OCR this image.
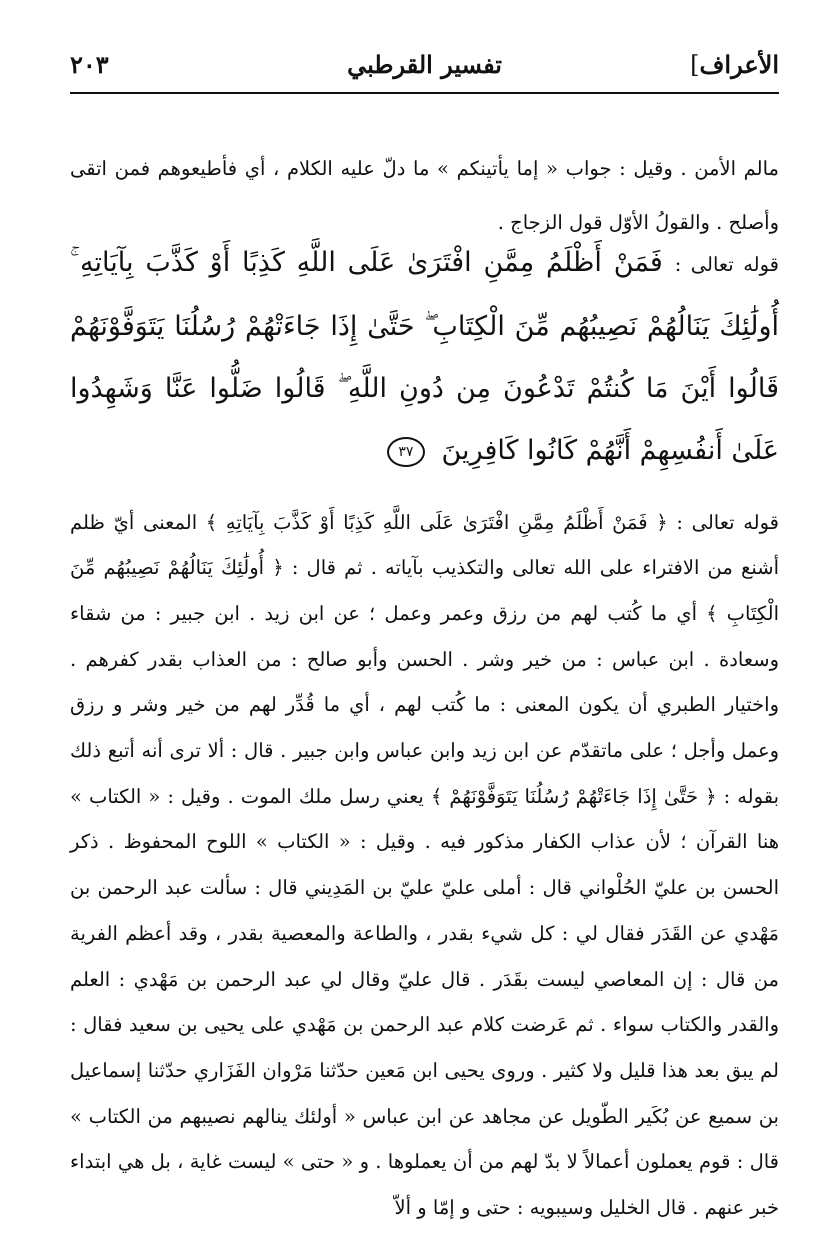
الأعراف]
تفسير القرطبي
٢٠٣

مالم الأمن . وقيل : جواب « إما يأتينكم » ما دلّ عليه الكلام ، أي فأطيعوهم فمن اتقى وأصلح . والقولُ الأوّل قول الزجاج .

قوله تعالى : فَمَنْ أَظْلَمُ مِمَّنِ افْتَرَىٰ عَلَى اللَّهِ كَذِبًا أَوْ كَذَّبَ بِآيَاتِهِ ۚ أُولَٰئِكَ يَنَالُهُمْ نَصِيبُهُم مِّنَ الْكِتَابِ ۖ حَتَّىٰ إِذَا جَاءَتْهُمْ رُسُلُنَا يَتَوَفَّوْنَهُمْ قَالُوا أَيْنَ مَا كُنتُمْ تَدْعُونَ مِن دُونِ اللَّهِ ۖ قَالُوا ضَلُّوا عَنَّا وَشَهِدُوا عَلَىٰ أَنفُسِهِمْ أَنَّهُمْ كَانُوا كَافِرِينَ ٣٧

قوله تعالى : ﴿ فَمَنْ أَظْلَمُ مِمَّنِ افْتَرَىٰ عَلَى اللَّهِ كَذِبًا أَوْ كَذَّبَ بِآيَاتِهِ ﴾ المعنى أيّ ظلم أشنع من الافتراء على الله تعالى والتكذيب بآياته . ثم قال : ﴿ أُولَٰئِكَ يَنَالُهُمْ نَصِيبُهُم مِّنَ الْكِتَابِ ﴾ أي ما كُتب لهم من رزق وعمر وعمل ؛ عن ابن زيد . ابن جبير : من شقاء وسعادة . ابن عباس : من خير وشر . الحسن وأبو صالح : من العذاب بقدر كفرهم . واختيار الطبري أن يكون المعنى : ما كُتب لهم ، أي ما قُدِّر لهم من خير وشر و رزق وعمل وأجل ؛ على ماتقدّم عن ابن زيد وابن عباس وابن جبير . قال : ألا ترى أنه أتبع ذلك بقوله : ﴿ حَتَّىٰ إِذَا جَاءَتْهُمْ رُسُلُنَا يَتَوَفَّوْنَهُمْ ﴾ يعني رسل ملك الموت . وقيل : « الكتاب » هنا القرآن ؛ لأن عذاب الكفار مذكور فيه . وقيل : « الكتاب » اللوح المحفوظ . ذكر الحسن بن عليّ الحُلْواني قال : أملى عليّ عليّ بن المَدِيني قال : سألت عبد الرحمن بن مَهْدي عن القَدَر فقال لي : كل شيء بقدر ، والطاعة والمعصية بقدر ، وقد أعظم الفرية من قال : إن المعاصي ليست بقَدَر . قال عليّ وقال لي عبد الرحمن بن مَهْدي : العلم والقدر والكتاب سواء . ثم عَرضت كلام عبد الرحمن بن مَهْدي على يحيى بن سعيد فقال : لم يبق بعد هذا قليل ولا كثير . وروى يحيى ابن مَعين حدّثنا مَرْوان الفَزَاري حدّثنا إسماعيل بن سميع عن بُكَير الطّويل عن مجاهد عن ابن عباس « أولئك ينالهم نصيبهم من الكتاب » قال : قوم يعملون أعمالاً لا بدّ لهم من أن يعملوها . و « حتى » ليست غاية ، بل هي ابتداء خبر عنهم . قال الخليل وسيبويه : حتى و إمّا و ألاّ
